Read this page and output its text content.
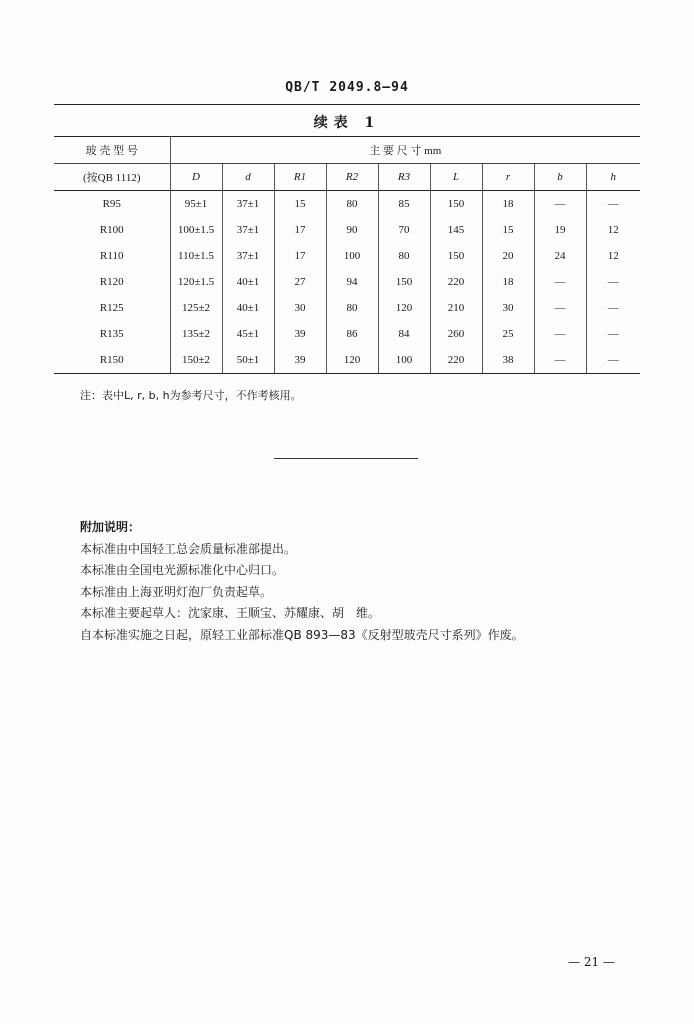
QB/T 2049.8—94
续表 1
玻 壳 型 号	主 要 尺 寸 mm								
(按QB 1112)	D	d	R1	R2	R3	L	r	b	h
R95	95±1	37±1	15	80	85	150	18	—	—
R100	100±1.5	37±1	17	90	70	145	15	19	12
R110	110±1.5	37±1	17	100	80	150	20	24	12
R120	120±1.5	40±1	27	94	150	220	18	—	—
R125	125±2	40±1	30	80	120	210	30	—	—
R135	135±2	45±1	39	86	84	260	25	—	—
R150	150±2	50±1	39	120	100	220	38	—	—
注：表中L, r, b, h为参考尺寸，不作考核用。
附加说明：
本标准由中国轻工总会质量标准部提出。
本标准由全国电光源标准化中心归口。
本标准由上海亚明灯泡厂负责起草。
本标准主要起草人：沈家康、王顺宝、苏耀康、胡　维。
自本标准实施之日起，原轻工业部标准QB 893—83《反射型玻壳尺寸系列》作废。
— 21 —
